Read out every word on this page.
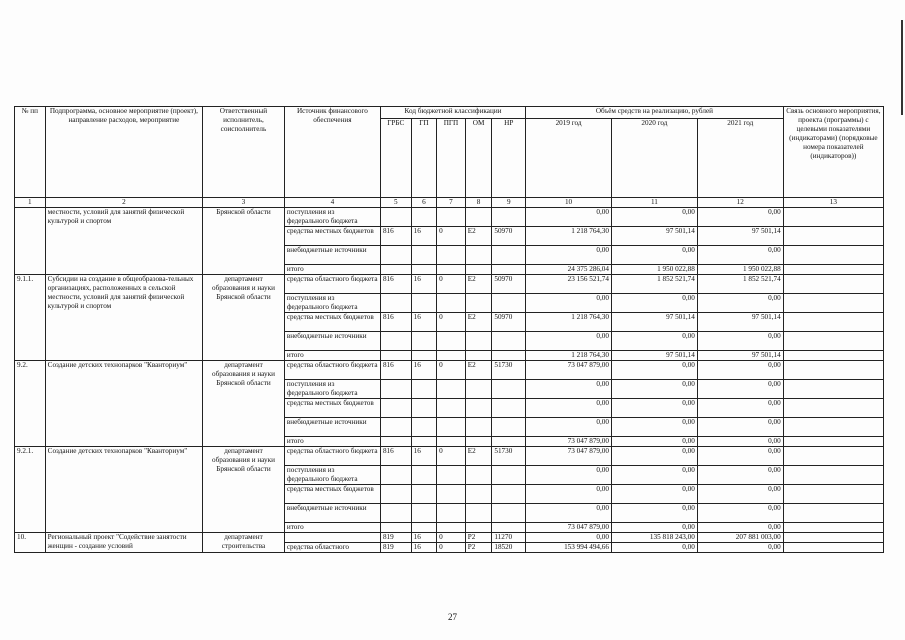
№ пп	Подпрограмма, основное мероприятие (проект), направление расходов, мероприятие	Ответственный исполнитель, соисполнитель	Источник финансового обеспечения	Код бюджетной классификации					Объём средств на реализацию, рублей			Связь основного мероприятия, проекта (программы) с целевыми показателями (индикаторами) (порядковые номера показателей (индикаторов))
				ГРБС	ГП	ПГП	ОМ	НР	2019 год	2020 год	2021 год	
1	2	3	4	5	6	7	8	9	10	11	12	13
	местности, условий для занятий физической культурой и спортом	Брянской области	поступления из федерального бюджета						0,00	0,00	0,00	
			средства местных бюджетов	816	16	0	E2	50970	1 218 764,30	97 501,14	97 501,14	
			внебюджетные источники						0,00	0,00	0,00	
			итого						24 375 286,04	1 950 022,88	1 950 022,88	
9.1.1.	Субсидии на создание в общеобразова-тельных организациях, расположенных в сельской местности, условий для занятий физической культурой и спортом	департамент образования и науки Брянской области	средства областного бюджета	816	16	0	E2	50970	23 156 521,74	1 852 521,74	1 852 521,74	
			поступления из федерального бюджета						0,00	0,00	0,00	
			средства местных бюджетов	816	16	0	E2	50970	1 218 764,30	97 501,14	97 501,14	
			внебюджетные источники						0,00	0,00	0,00	
			итого						1 218 764,30	97 501,14	97 501,14	
9.2.	Создание детских технопарков "Кванториум"	департамент образования и науки Брянской области	средства областного бюджета	816	16	0	E2	51730	73 047 879,00	0,00	0,00	
			поступления из федерального бюджета						0,00	0,00	0,00	
			средства местных бюджетов						0,00	0,00	0,00	
			внебюджетные источники						0,00	0,00	0,00	
			итого						73 047 879,00	0,00	0,00	
9.2.1.	Создание детских технопарков "Кванториум"	департамент образования и науки Брянской области	средства областного бюджета	816	16	0	E2	51730	73 047 879,00	0,00	0,00	
			поступления из федерального бюджета						0,00	0,00	0,00	
			средства местных бюджетов						0,00	0,00	0,00	
			внебюджетные источники						0,00	0,00	0,00	
			итого						73 047 879,00	0,00	0,00	
10.	Региональный проект "Содействие занятости женщин - создание условий	департамент строительства		819	16	0	P2	11270	0,00	135 818 243,00	207 881 003,00	
			средства областного	819	16	0	P2	18520	153 994 494,66	0,00	0,00	
27
